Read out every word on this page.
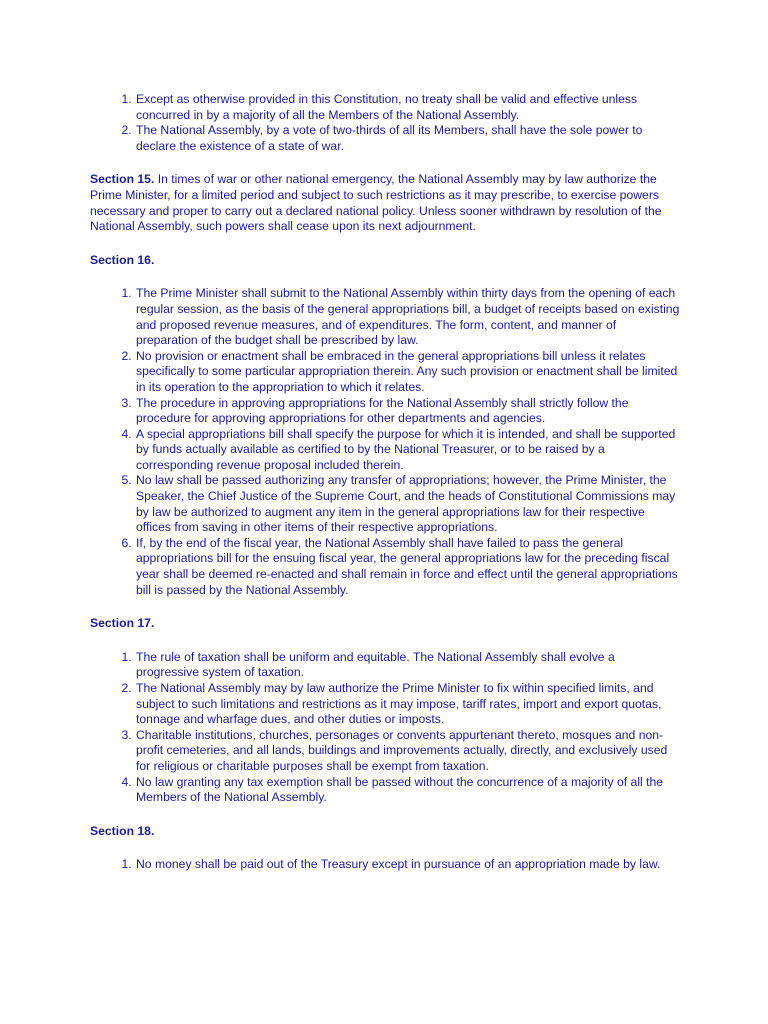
1. Except as otherwise provided in this Constitution, no treaty shall be valid and effective unless concurred in by a majority of all the Members of the National Assembly.
2. The National Assembly, by a vote of two-thirds of all its Members, shall have the sole power to declare the existence of a state of war.

Section 15. In times of war or other national emergency, the National Assembly may by law authorize the Prime Minister, for a limited period and subject to such restrictions as it may prescribe, to exercise powers necessary and proper to carry out a declared national policy. Unless sooner withdrawn by resolution of the National Assembly, such powers shall cease upon its next adjournment.

Section 16.

1. The Prime Minister shall submit to the National Assembly within thirty days from the opening of each regular session, as the basis of the general appropriations bill, a budget of receipts based on existing and proposed revenue measures, and of expenditures. The form, content, and manner of preparation of the budget shall be prescribed by law.
2. No provision or enactment shall be embraced in the general appropriations bill unless it relates specifically to some particular appropriation therein. Any such provision or enactment shall be limited in its operation to the appropriation to which it relates.
3. The procedure in approving appropriations for the National Assembly shall strictly follow the procedure for approving appropriations for other departments and agencies.
4. A special appropriations bill shall specify the purpose for which it is intended, and shall be supported by funds actually available as certified to by the National Treasurer, or to be raised by a corresponding revenue proposal included therein.
5. No law shall be passed authorizing any transfer of appropriations; however, the Prime Minister, the Speaker, the Chief Justice of the Supreme Court, and the heads of Constitutional Commissions may by law be authorized to augment any item in the general appropriations law for their respective offices from saving in other items of their respective appropriations.
6. If, by the end of the fiscal year, the National Assembly shall have failed to pass the general appropriations bill for the ensuing fiscal year, the general appropriations law for the preceding fiscal year shall be deemed re-enacted and shall remain in force and effect until the general appropriations bill is passed by the National Assembly.

Section 17.

1. The rule of taxation shall be uniform and equitable. The National Assembly shall evolve a progressive system of taxation.
2. The National Assembly may by law authorize the Prime Minister to fix within specified limits, and subject to such limitations and restrictions as it may impose, tariff rates, import and export quotas, tonnage and wharfage dues, and other duties or imposts.
3. Charitable institutions, churches, personages or convents appurtenant thereto, mosques and non-profit cemeteries, and all lands, buildings and improvements actually, directly, and exclusively used for religious or charitable purposes shall be exempt from taxation.
4. No law granting any tax exemption shall be passed without the concurrence of a majority of all the Members of the National Assembly.

Section 18.

1. No money shall be paid out of the Treasury except in pursuance of an appropriation made by law.
